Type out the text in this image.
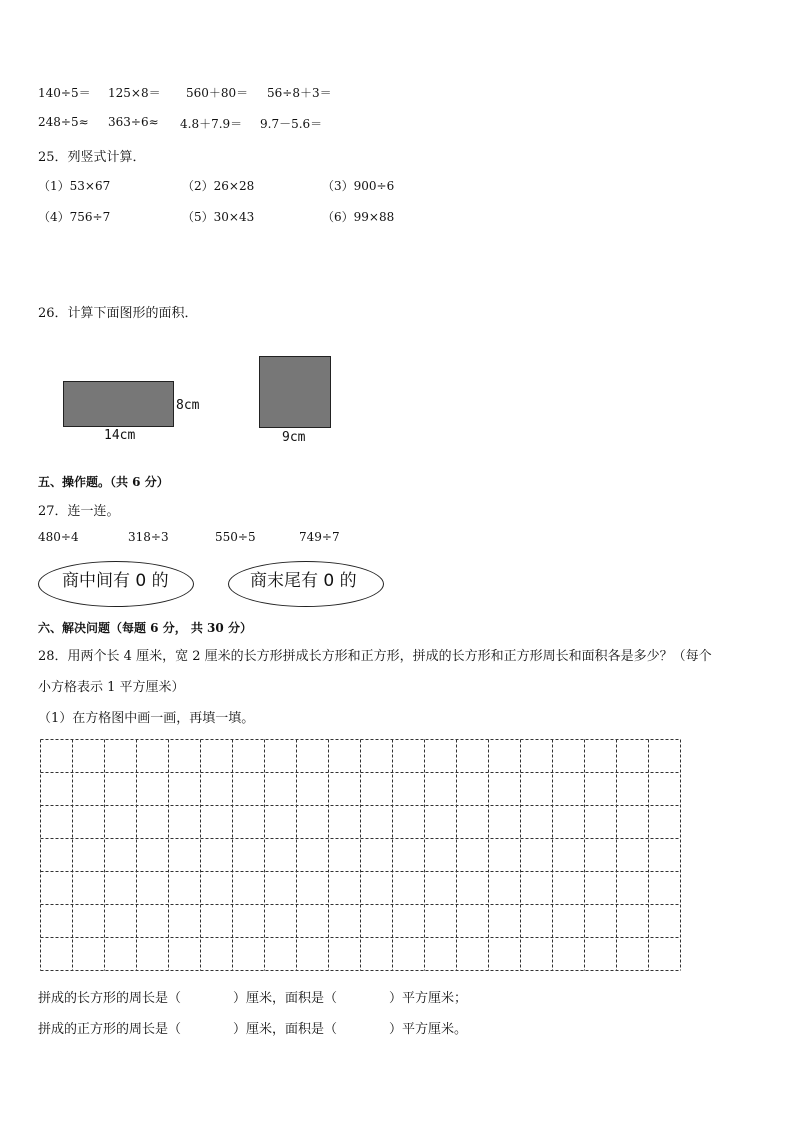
140÷5＝ 125×8＝ 560＋80＝ 56÷8＋3＝
248÷5≈ 363÷6≈ 4.8＋7.9＝ 9.7－5.6＝
25．列竖式计算．
（1）53×67	（2）26×28	（3）900÷6
（4）756÷7	（5）30×43	（6）99×88
26．计算下面图形的面积．
8cm
14cm	9cm
五、操作题。（共 6 分）
27．连一连。
480÷4	318÷3	550÷5	749÷7
商中间有 0 的	商末尾有 0 的
六、解决问题（每题 6 分， 共 30 分）
28．用两个长 4 厘米，宽 2 厘米的长方形拼成长方形和正方形，拼成的长方形和正方形周长和面积各是多少？（每个
小方格表示 1 平方厘米）
（1）在方格图中画一画，再填一填。
拼成的长方形的周长是（　　　　）厘米，面积是（　　　　）平方厘米；
拼成的正方形的周长是（　　　　）厘米，面积是（　　　　）平方厘米。
